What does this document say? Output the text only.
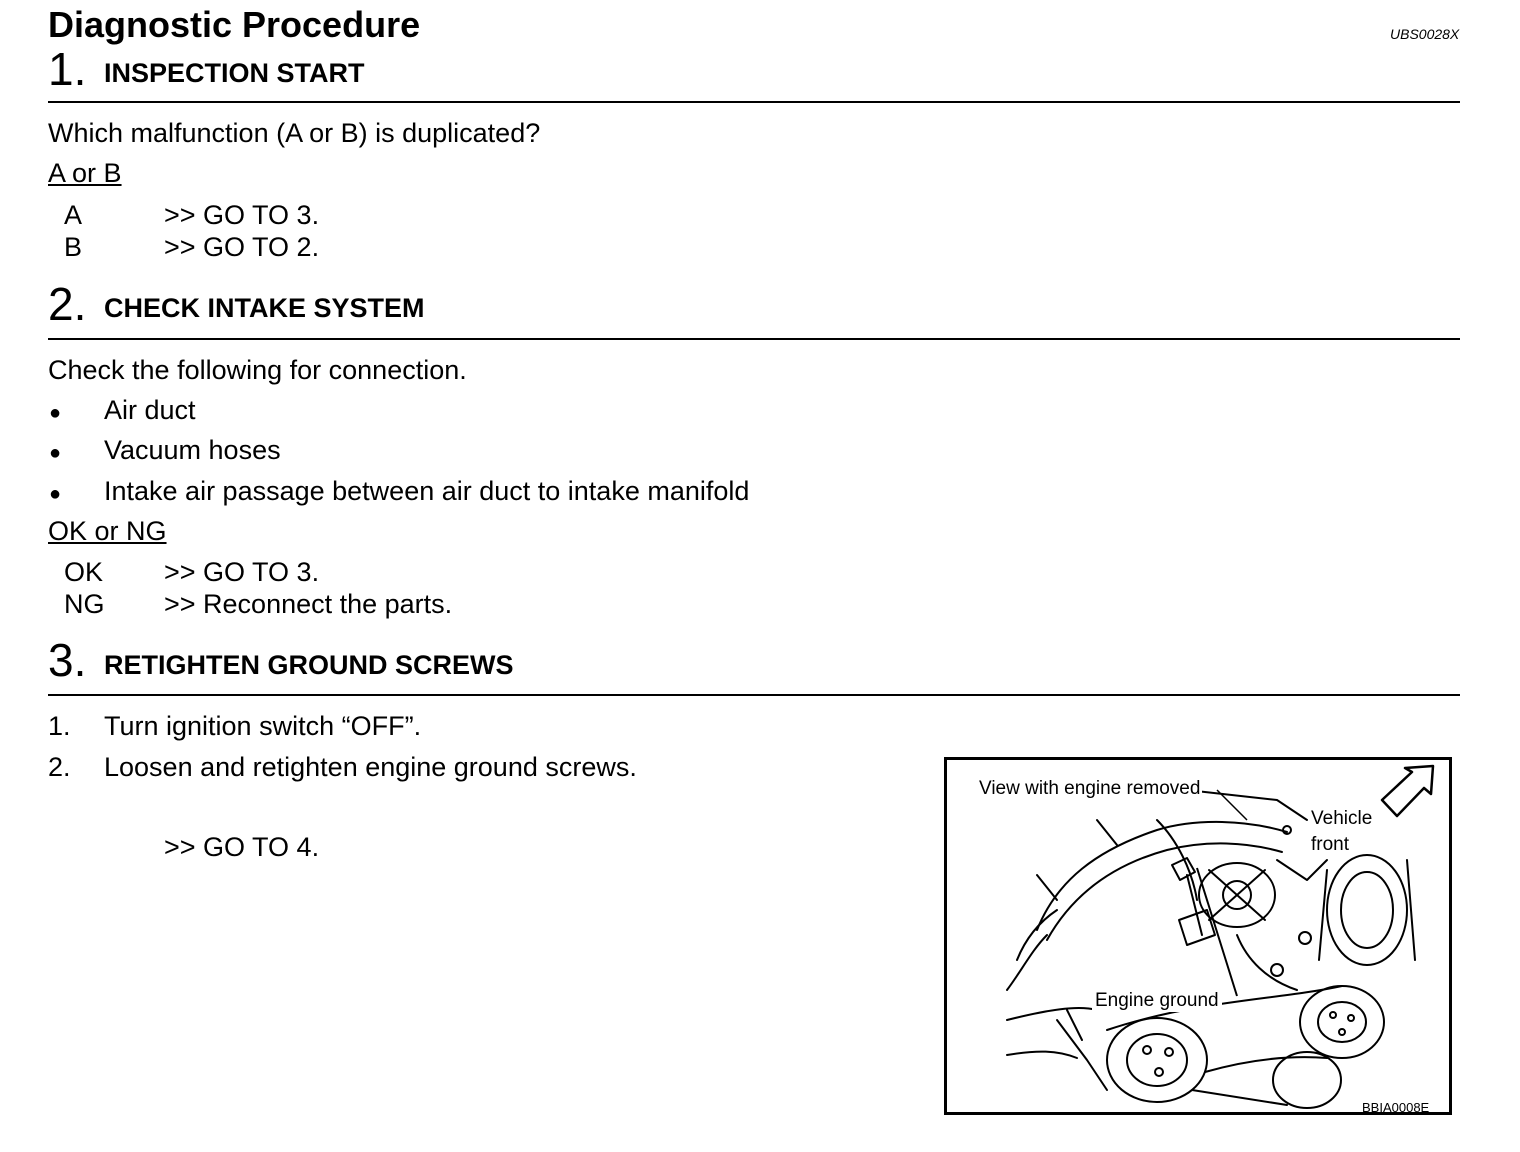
Diagnostic Procedure	UBS0028X
1. INSPECTION START
Which malfunction (A or B) is duplicated?
A or B
A	>> GO TO 3.
B	>> GO TO 2.
2. CHECK INTAKE SYSTEM
Check the following for connection.
● Air duct
● Vacuum hoses
● Intake air passage between air duct to intake manifold
OK or NG
OK >> GO TO 3.
NG >> Reconnect the parts.
3. RETIGHTEN GROUND SCREWS
1. Turn ignition switch “OFF”.
2. Loosen and retighten engine ground screws.
>> GO TO 4.
View with engine removed
Vehicle
front
Engine ground
BBIA0008E
